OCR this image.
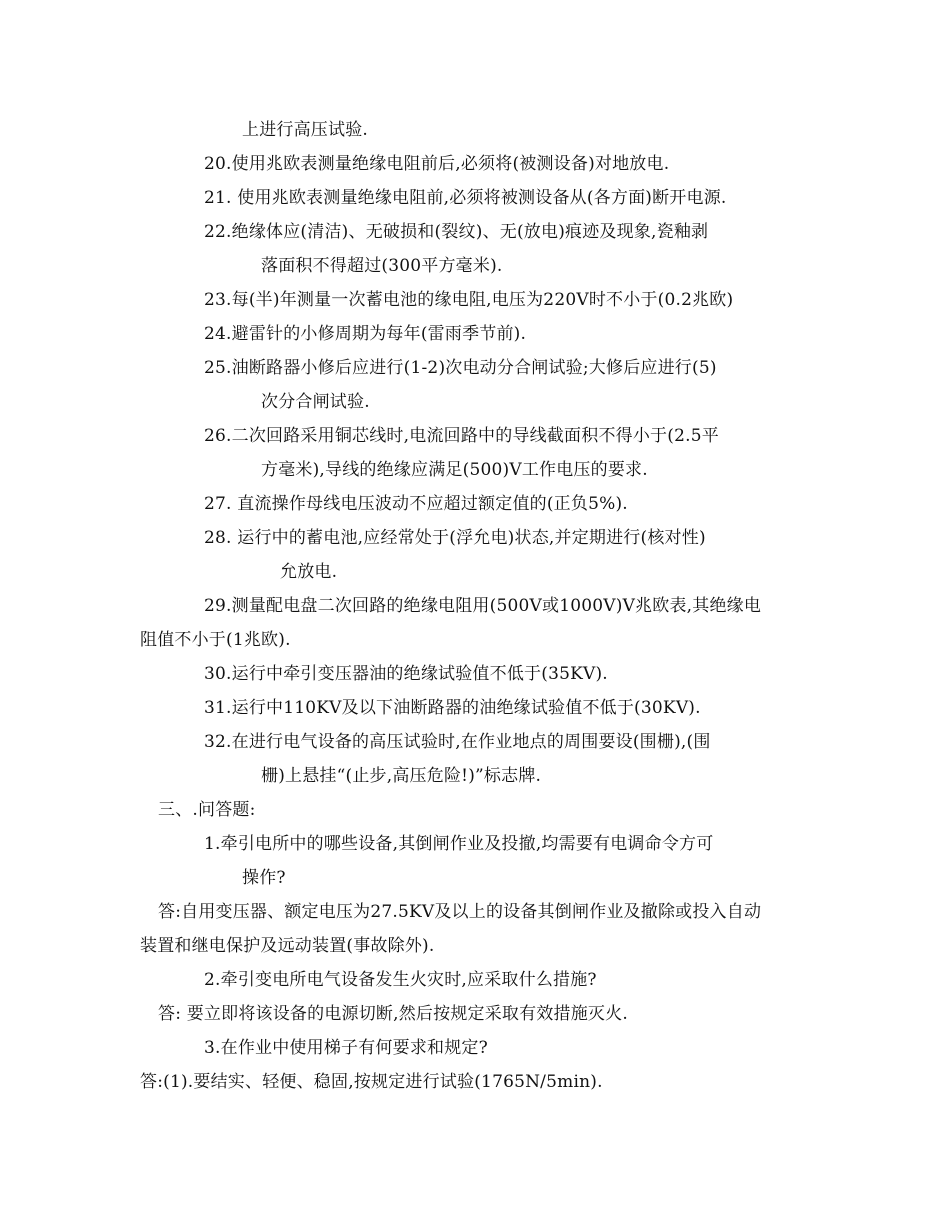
上进行高压试验.
20.使用兆欧表测量绝缘电阻前后,必须将(被测设备)对地放电.
21. 使用兆欧表测量绝缘电阻前,必须将被测设备从(各方面)断开电源.
22.绝缘体应(清洁)、无破损和(裂纹)、无(放电)痕迹及现象,瓷釉剥
落面积不得超过(300平方毫米).
23.每(半)年测量一次蓄电池的缘电阻,电压为220V时不小于(0.2兆欧)
24.避雷针的小修周期为每年(雷雨季节前).
25.油断路器小修后应进行(1-2)次电动分合闸试验;大修后应进行(5)
次分合闸试验.
26.二次回路采用铜芯线时,电流回路中的导线截面积不得小于(2.5平
方毫米),导线的绝缘应满足(500)V工作电压的要求.
27. 直流操作母线电压波动不应超过额定值的(正负5%).
28. 运行中的蓄电池,应经常处于(浮允电)状态,并定期进行(核对性)
允放电.
29.测量配电盘二次回路的绝缘电阻用(500V或1000V)V兆欧表,其绝缘电
阻值不小于(1兆欧).
30.运行中牵引变压器油的绝缘试验值不低于(35KV).
31.运行中110KV及以下油断路器的油绝缘试验值不低于(30KV).
32.在进行电气设备的高压试验时,在作业地点的周围要设(围栅),(围
栅)上悬挂“(止步,高压危险!)”标志牌.
三、.问答题:
1.牵引电所中的哪些设备,其倒闸作业及投撤,均需要有电调命令方可
操作?
答:自用变压器、额定电压为27.5KV及以上的设备其倒闸作业及撤除或投入自动
装置和继电保护及远动装置(事故除外).
2.牵引变电所电气设备发生火灾时,应采取什么措施?
答: 要立即将该设备的电源切断,然后按规定采取有效措施灭火.
3.在作业中使用梯子有何要求和规定?
答:(1).要结实、轻便、稳固,按规定进行试验(1765N/5min).
